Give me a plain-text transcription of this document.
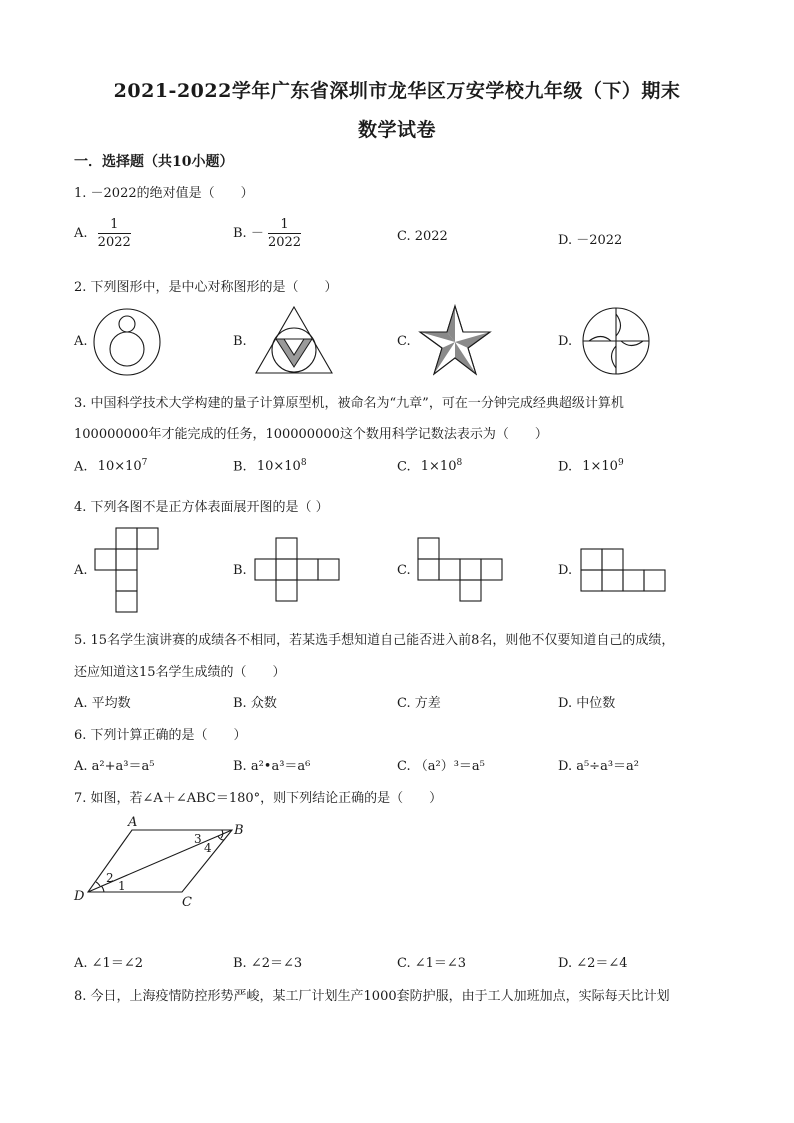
2021-2022学年广东省深圳市龙华区万安学校九年级（下）期末
数学试卷
一．选择题（共10小题）
1. －2022的绝对值是（　　）
A. $\frac{1}{2022}$	B. － $\frac{1}{2022}$	C. 2022	D. －2022
2. 下列图形中，是中心对称图形的是（　　）
A.	B.	C.	D.
3. 中国科学技术大学构建的量子计算原型机，被命名为“九章”，可在一分钟完成经典超级计算机
100000000年才能完成的任务，100000000这个数用科学记数法表示为（　　）
A. $10\times 10^7$	B. $10\times 10^8$	C. $1\times 10^8$	D. $1\times 10^9$
4. 下列各图不是正方体表面展开图的是（ ）
A.	B.	C.	D.
5. 15名学生演讲赛的成绩各不相同，若某选手想知道自己能否进入前8名，则他不仅要知道自己的成绩，
还应知道这15名学生成绩的（　　）
A. 平均数	B. 众数	C. 方差	D. 中位数
6. 下列计算正确的是（　　）
A. a²+a³＝a⁵	B. a²•a³＝a⁶	C. （a²）³＝a⁵	D. a⁵÷a³＝a²
7. 如图，若∠A＋∠ABC＝180°，则下列结论正确的是（　　）
A
B
C
D
1
2
3
4
A. ∠1＝∠2	B. ∠2＝∠3	C. ∠1＝∠3	D. ∠2＝∠4
8. 今日，上海疫情防控形势严峻，某工厂计划生产1000套防护服，由于工人加班加点，实际每天比计划
